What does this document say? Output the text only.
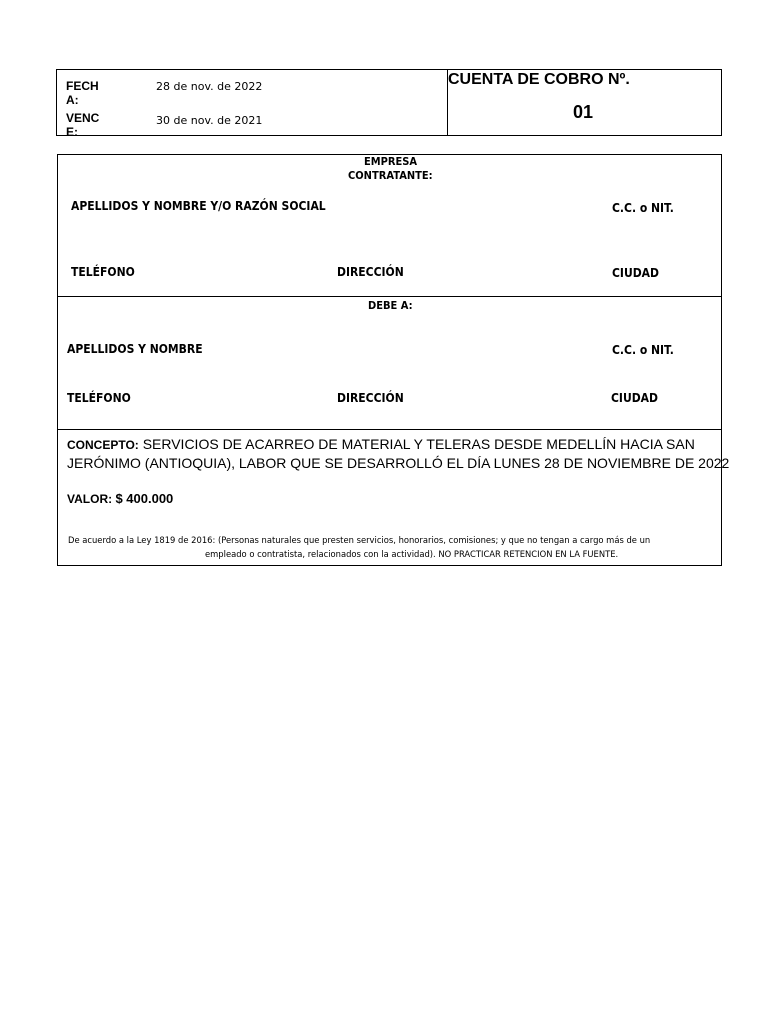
FECH
A:
28 de nov. de 2022
VENC
E:
30 de nov. de 2021
CUENTA DE COBRO Nº.
01
EMPRESA
CONTRATANTE:
APELLIDOS Y NOMBRE Y/O RAZÓN SOCIAL	C.C. o NIT.
TELÉFONO	DIRECCIÓN	CIUDAD
DEBE A:
APELLIDOS Y NOMBRE	C.C. o NIT.
TELÉFONO	DIRECCIÓN	CIUDAD
CONCEPTO: SERVICIOS DE ACARREO DE MATERIAL Y TELERAS DESDE MEDELLÍN HACIA SAN
JERÓNIMO (ANTIOQUIA), LABOR QUE SE DESARROLLÓ EL DÍA LUNES 28 DE NOVIEMBRE DE 2022
VALOR: $ 400.000
De acuerdo a la Ley 1819 de 2016: (Personas naturales que presten servicios, honorarios, comisiones; y que no tengan a cargo más de un
empleado o contratista, relacionados con la actividad). NO PRACTICAR RETENCION EN LA FUENTE.
